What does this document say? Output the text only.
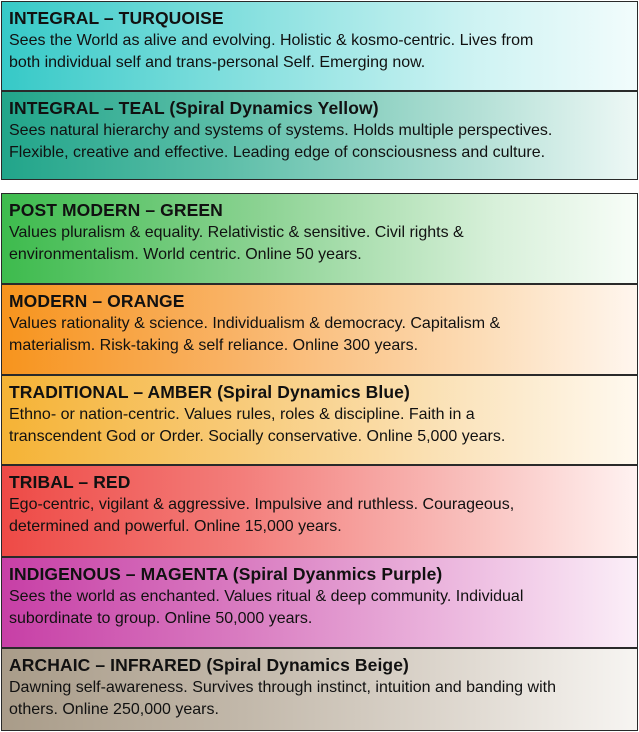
INTEGRAL – TURQUOISE
Sees the World as alive and evolving. Holistic & kosmo-centric. Lives from
both individual self and trans-personal Self. Emerging now.
INTEGRAL – TEAL (Spiral Dynamics Yellow)
Sees natural hierarchy and systems of systems. Holds multiple perspectives.
Flexible, creative and effective. Leading edge of consciousness and culture.
POST MODERN – GREEN
Values pluralism & equality. Relativistic & sensitive. Civil rights &
environmentalism. World centric. Online 50 years.
MODERN – ORANGE
Values rationality & science. Individualism & democracy. Capitalism &
materialism. Risk-taking & self reliance. Online 300 years.
TRADITIONAL – AMBER (Spiral Dynamics Blue)
Ethno- or nation-centric. Values rules, roles & discipline. Faith in a
transcendent God or Order. Socially conservative. Online 5,000 years.
TRIBAL – RED
Ego-centric, vigilant & aggressive. Impulsive and ruthless. Courageous,
determined and powerful. Online 15,000 years.
INDIGENOUS – MAGENTA (Spiral Dyanmics Purple)
Sees the world as enchanted. Values ritual & deep community. Individual
subordinate to group. Online 50,000 years.
ARCHAIC – INFRARED (Spiral Dynamics Beige)
Dawning self-awareness. Survives through instinct, intuition and banding with
others. Online 250,000 years.
